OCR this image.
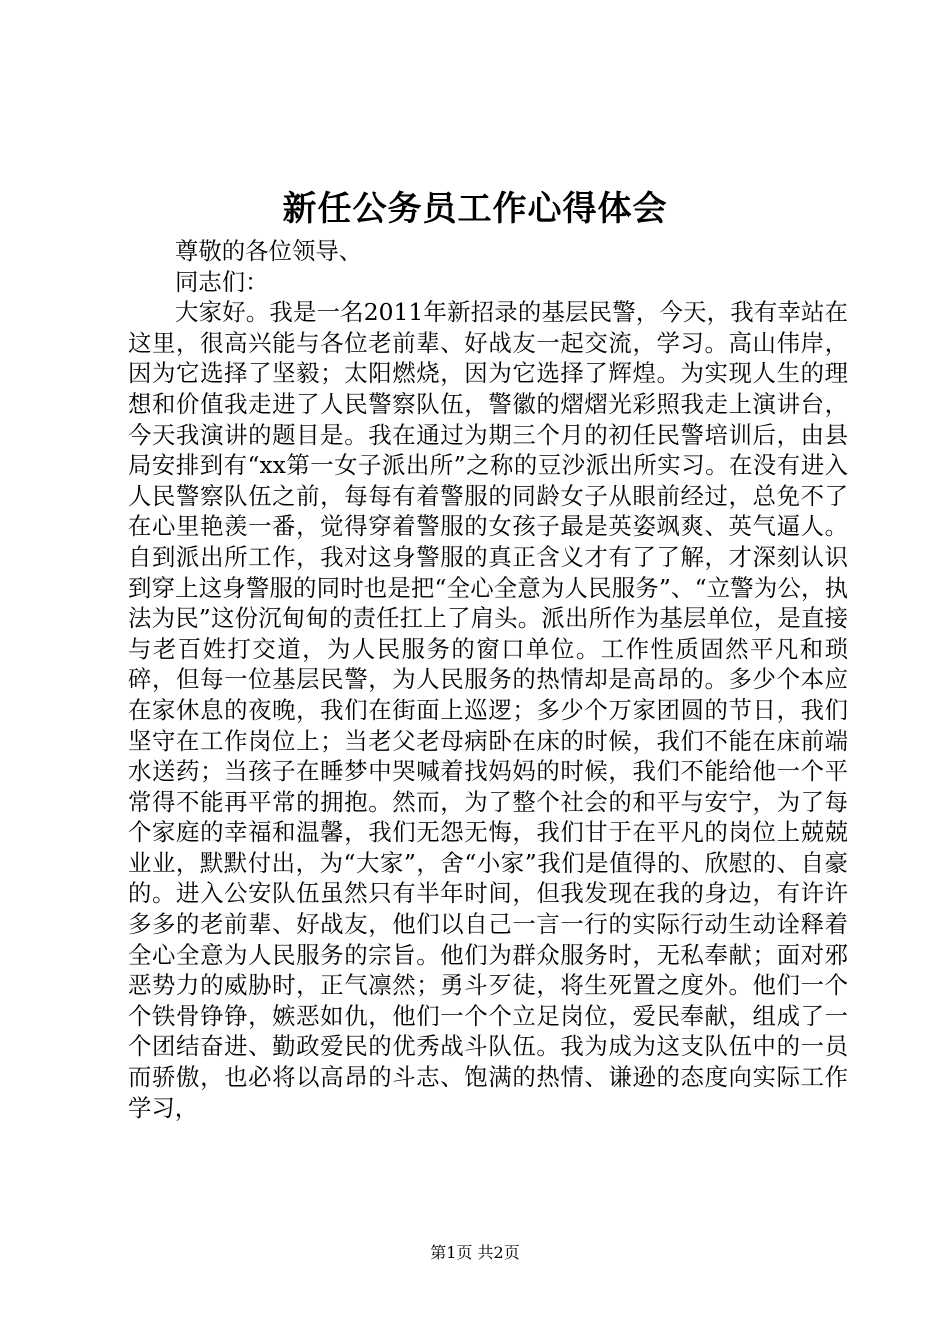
新任公务员工作心得体会

尊敬的各位领导、

同志们：

大家好。我是一名2011年新招录的基层民警，今天，我有幸站在这里，很高兴能与各位老前辈、好战友一起交流，学习。高山伟岸，因为它选择了坚毅；太阳燃烧，因为它选择了辉煌。为实现人生的理想和价值我走进了人民警察队伍，警徽的熠熠光彩照我走上演讲台，今天我演讲的题目是。我在通过为期三个月的初任民警培训后，由县局安排到有“xx第一女子派出所”之称的豆沙派出所实习。在没有进入人民警察队伍之前，每每有着警服的同龄女子从眼前经过，总免不了在心里艳羡一番，觉得穿着警服的女孩子最是英姿飒爽、英气逼人。自到派出所工作，我对这身警服的真正含义才有了了解，才深刻认识到穿上这身警服的同时也是把“全心全意为人民服务”、“立警为公，执法为民”这份沉甸甸的责任扛上了肩头。派出所作为基层单位，是直接与老百姓打交道，为人民服务的窗口单位。工作性质固然平凡和琐碎，但每一位基层民警，为人民服务的热情却是高昂的。多少个本应在家休息的夜晚，我们在街面上巡逻；多少个万家团圆的节日，我们坚守在工作岗位上；当老父老母病卧在床的时候，我们不能在床前端水送药；当孩子在睡梦中哭喊着找妈妈的时候，我们不能给他一个平常得不能再平常的拥抱。然而，为了整个社会的和平与安宁，为了每个家庭的幸福和温馨，我们无怨无悔，我们甘于在平凡的岗位上兢兢业业，默默付出，为“大家”，舍“小家”我们是值得的、欣慰的、自豪的。进入公安队伍虽然只有半年时间，但我发现在我的身边，有许许多多的老前辈、好战友，他们以自己一言一行的实际行动生动诠释着全心全意为人民服务的宗旨。他们为群众服务时，无私奉献；面对邪恶势力的威胁时，正气凛然；勇斗歹徒，将生死置之度外。他们一个个铁骨铮铮，嫉恶如仇，他们一个个立足岗位，爱民奉献，组成了一个团结奋进、勤政爱民的优秀战斗队伍。我为成为这支队伍中的一员而骄傲，也必将以高昂的斗志、饱满的热情、谦逊的态度向实际工作学习，

第1页 共2页
